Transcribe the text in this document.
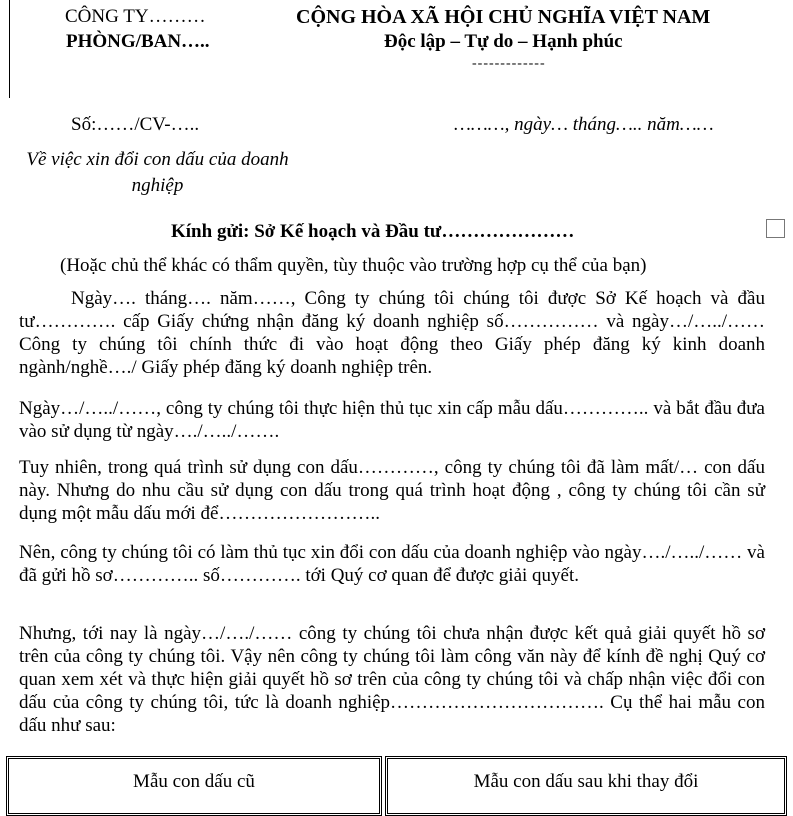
CÔNG TY………
PHÒNG/BAN…..
CỘNG HÒA XÃ HỘI CHỦ NGHĨA VIỆT NAM
Độc lập – Tự do – Hạnh phúc
-------------
Số:……/CV-…..	………, ngày… tháng….. năm……
Về việc xin đổi con dấu của doanh nghiệp
Kính gửi: Sở Kế hoạch và Đầu tư…………………
(Hoặc chủ thể khác có thẩm quyền, tùy thuộc vào trường hợp cụ thể của bạn)

Ngày…. tháng…. năm……, Công ty chúng tôi chúng tôi được Sở Kế hoạch và đầu tư…………. cấp Giấy chứng nhận đăng ký doanh nghiệp số…………… và ngày…/…../…… Công ty chúng tôi chính thức đi vào hoạt động theo Giấy phép đăng ký kinh doanh ngành/nghề…./ Giấy phép đăng ký doanh nghiệp trên.

Ngày…/…../……, công ty chúng tôi thực hiện thủ tục xin cấp mẫu dấu………….. và bắt đầu đưa vào sử dụng từ ngày…./…../…….

Tuy nhiên, trong quá trình sử dụng con dấu…………, công ty chúng tôi đã làm mất/… con dấu này. Nhưng do nhu cầu sử dụng con dấu trong quá trình hoạt động , công ty chúng tôi cần sử dụng một mẫu dấu mới để……………………..

Nên, công ty chúng tôi có làm thủ tục xin đổi con dấu của doanh nghiệp vào ngày…./…../…… và đã gửi hồ sơ………….. số…………. tới Quý cơ quan để được giải quyết.

Nhưng, tới nay là ngày…/…./…… công ty chúng tôi chưa nhận được kết quả giải quyết hồ sơ trên của công ty chúng tôi. Vậy nên công ty chúng tôi làm công văn này để kính đề nghị Quý cơ quan xem xét và thực hiện giải quyết hồ sơ trên của công ty chúng tôi và chấp nhận việc đổi con dấu của công ty chúng tôi, tức là doanh nghiệp……………………………. Cụ thể hai mẫu con dấu như sau:

Mẫu con dấu cũ	Mẫu con dấu sau khi thay đổi
